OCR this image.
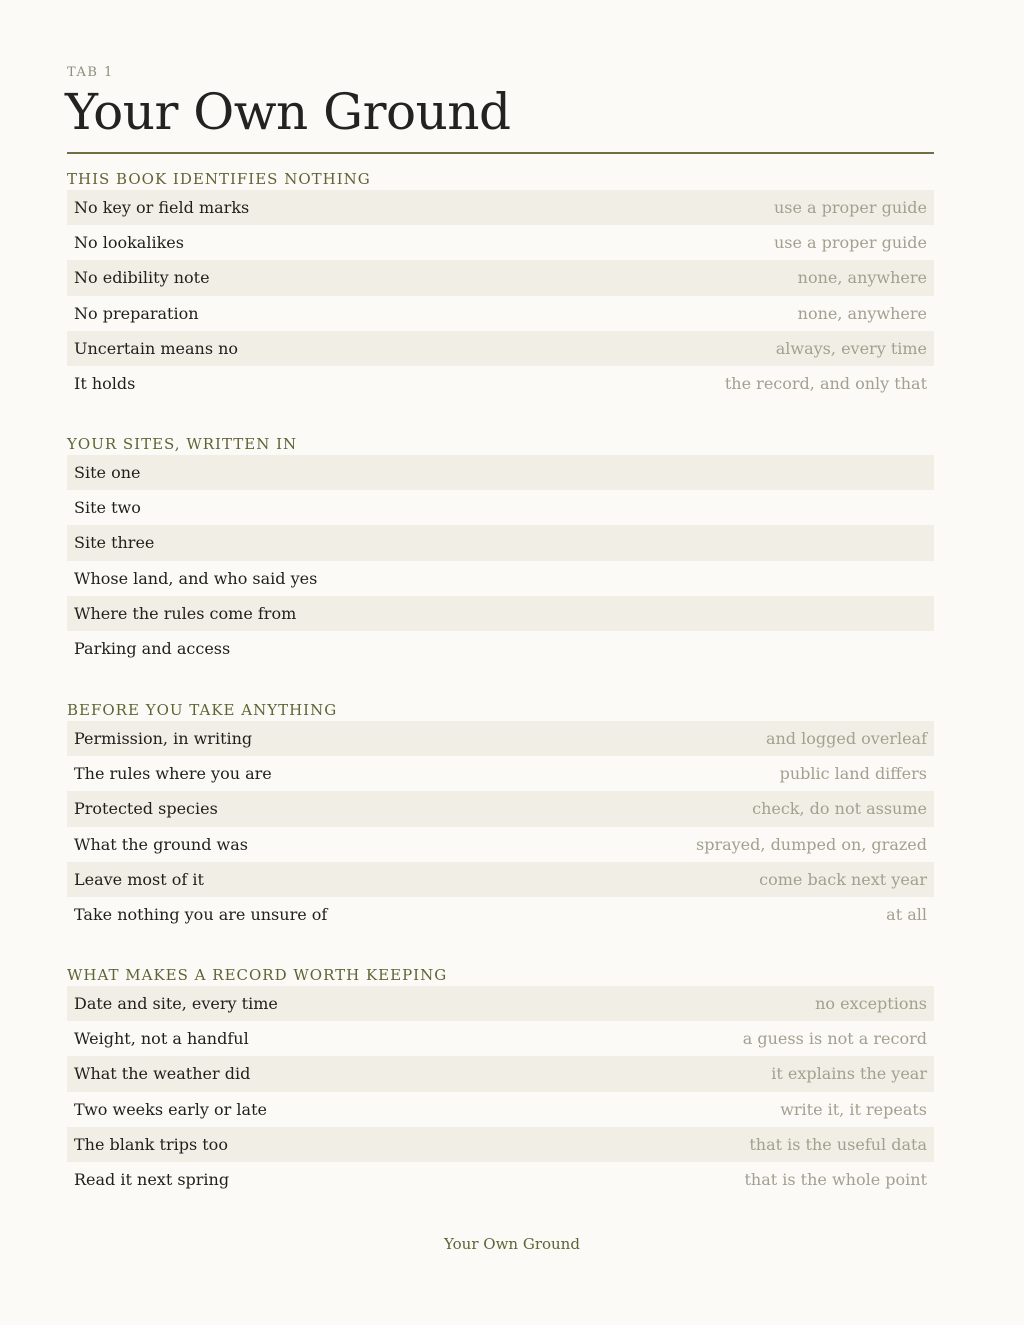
TAB 1
Your Own Ground
THIS BOOK IDENTIFIES NOTHING
No key or field marks	use a proper guide
No lookalikes	use a proper guide
No edibility note	none, anywhere
No preparation	none, anywhere
Uncertain means no	always, every time
It holds	the record, and only that
YOUR SITES, WRITTEN IN
Site one
Site two
Site three
Whose land, and who said yes
Where the rules come from
Parking and access
BEFORE YOU TAKE ANYTHING
Permission, in writing	and logged overleaf
The rules where you are	public land differs
Protected species	check, do not assume
What the ground was	sprayed, dumped on, grazed
Leave most of it	come back next year
Take nothing you are unsure of	at all
WHAT MAKES A RECORD WORTH KEEPING
Date and site, every time	no exceptions
Weight, not a handful	a guess is not a record
What the weather did	it explains the year
Two weeks early or late	write it, it repeats
The blank trips too	that is the useful data
Read it next spring	that is the whole point
Your Own Ground
